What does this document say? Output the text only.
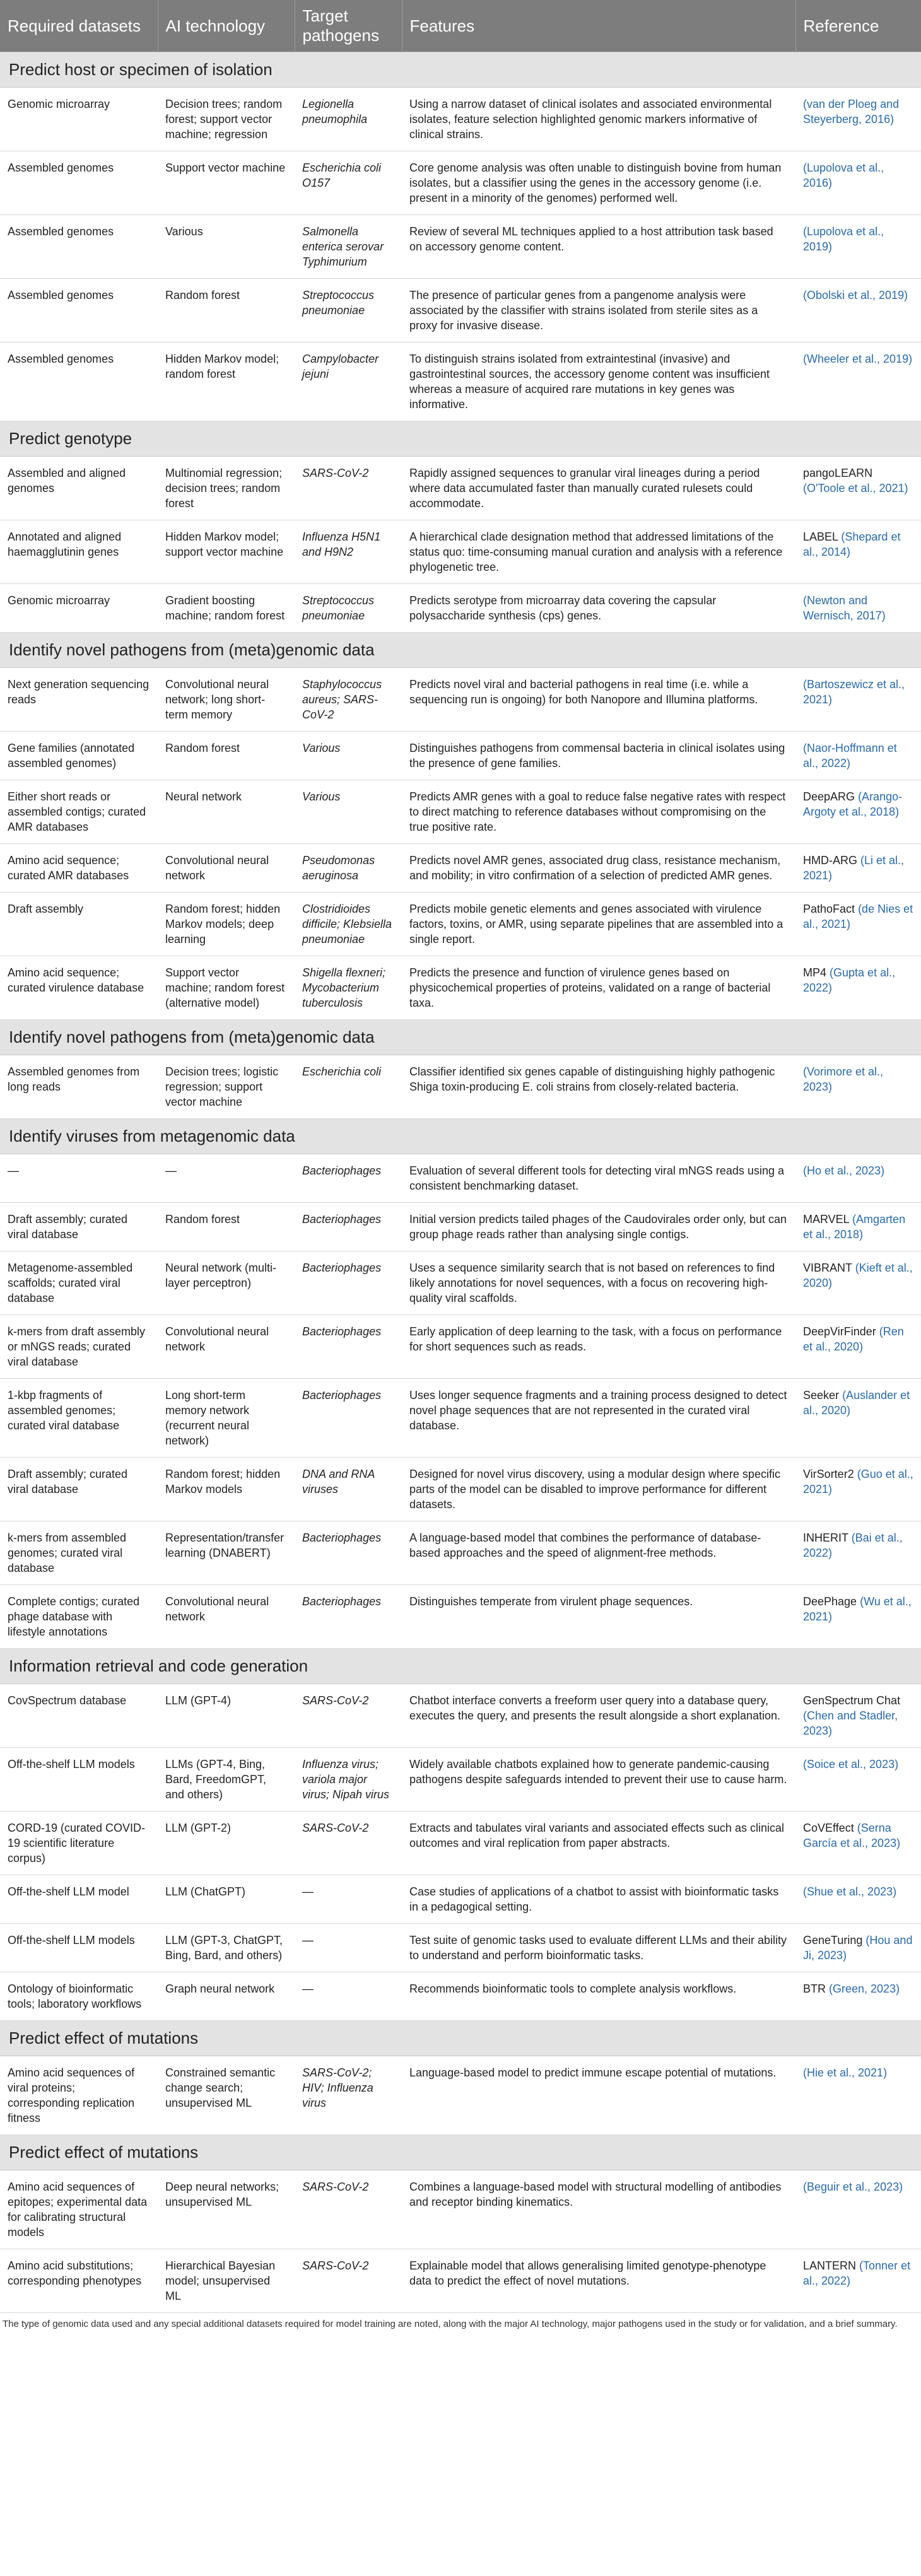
Required datasets	AI technology	Target pathogens	Features	Reference
Predict host or specimen of isolation				
Genomic microarray	Decision trees; random forest; support vector machine; regression	Legionella pneumophila	Using a narrow dataset of clinical isolates and associated environmental isolates, feature selection highlighted genomic markers informative of clinical strains.	(van der Ploeg and Steyerberg, 2016)
Assembled genomes	Support vector machine	Escherichia coli O157	Core genome analysis was often unable to distinguish bovine from human isolates, but a classifier using the genes in the accessory genome (i.e. present in a minority of the genomes) performed well.	(Lupolova et al., 2016)
Assembled genomes	Various	Salmonella enterica serovar Typhimurium	Review of several ML techniques applied to a host attribution task based on accessory genome content.	(Lupolova et al., 2019)
Assembled genomes	Random forest	Streptococcus pneumoniae	The presence of particular genes from a pangenome analysis were associated by the classifier with strains isolated from sterile sites as a proxy for invasive disease.	(Obolski et al., 2019)
Assembled genomes	Hidden Markov model; random forest	Campylobacter jejuni	To distinguish strains isolated from extraintestinal (invasive) and gastrointestinal sources, the accessory genome content was insufficient whereas a measure of acquired rare mutations in key genes was informative.	(Wheeler et al., 2019)
Predict genotype				
Assembled and aligned genomes	Multinomial regression; decision trees; random forest	SARS-CoV-2	Rapidly assigned sequences to granular viral lineages during a period where data accumulated faster than manually curated rulesets could accommodate.	pangoLEARN (O'Toole et al., 2021)
Annotated and aligned haemagglutinin genes	Hidden Markov model; support vector machine	Influenza H5N1 and H9N2	A hierarchical clade designation method that addressed limitations of the status quo: time-consuming manual curation and analysis with a reference phylogenetic tree.	LABEL (Shepard et al., 2014)
Genomic microarray	Gradient boosting machine; random forest	Streptococcus pneumoniae	Predicts serotype from microarray data covering the capsular polysaccharide synthesis (cps) genes.	(Newton and Wernisch, 2017)
Identify novel pathogens from (meta)genomic data				
Next generation sequencing reads	Convolutional neural network; long short-term memory	Staphylococcus aureus; SARS-CoV-2	Predicts novel viral and bacterial pathogens in real time (i.e. while a sequencing run is ongoing) for both Nanopore and Illumina platforms.	(Bartoszewicz et al., 2021)
Gene families (annotated assembled genomes)	Random forest	Various	Distinguishes pathogens from commensal bacteria in clinical isolates using the presence of gene families.	(Naor-Hoffmann et al., 2022)
Either short reads or assembled contigs; curated AMR databases	Neural network	Various	Predicts AMR genes with a goal to reduce false negative rates with respect to direct matching to reference databases without compromising on the true positive rate.	DeepARG (Arango-Argoty et al., 2018)
Amino acid sequence; curated AMR databases	Convolutional neural network	Pseudomonas aeruginosa	Predicts novel AMR genes, associated drug class, resistance mechanism, and mobility; in vitro confirmation of a selection of predicted AMR genes.	HMD-ARG (Li et al., 2021)
Draft assembly	Random forest; hidden Markov models; deep learning	Clostridioides difficile; Klebsiella pneumoniae	Predicts mobile genetic elements and genes associated with virulence factors, toxins, or AMR, using separate pipelines that are assembled into a single report.	PathoFact (de Nies et al., 2021)
Amino acid sequence; curated virulence database	Support vector machine; random forest (alternative model)	Shigella flexneri; Mycobacterium tuberculosis	Predicts the presence and function of virulence genes based on physicochemical properties of proteins, validated on a range of bacterial taxa.	MP4 (Gupta et al., 2022)
Identify novel pathogens from (meta)genomic data				
Assembled genomes from long reads	Decision trees; logistic regression; support vector machine	Escherichia coli	Classifier identified six genes capable of distinguishing highly pathogenic Shiga toxin-producing E. coli strains from closely-related bacteria.	(Vorimore et al., 2023)
Identify viruses from metagenomic data				
—	—	Bacteriophages	Evaluation of several different tools for detecting viral mNGS reads using a consistent benchmarking dataset.	(Ho et al., 2023)
Draft assembly; curated viral database	Random forest	Bacteriophages	Initial version predicts tailed phages of the Caudovirales order only, but can group phage reads rather than analysing single contigs.	MARVEL (Amgarten et al., 2018)
Metagenome-assembled scaffolds; curated viral database	Neural network (multi-layer perceptron)	Bacteriophages	Uses a sequence similarity search that is not based on references to find likely annotations for novel sequences, with a focus on recovering high-quality viral scaffolds.	VIBRANT (Kieft et al., 2020)
k-mers from draft assembly or mNGS reads; curated viral database	Convolutional neural network	Bacteriophages	Early application of deep learning to the task, with a focus on performance for short sequences such as reads.	DeepVirFinder (Ren et al., 2020)
1-kbp fragments of assembled genomes; curated viral database	Long short-term memory network (recurrent neural network)	Bacteriophages	Uses longer sequence fragments and a training process designed to detect novel phage sequences that are not represented in the curated viral database.	Seeker (Auslander et al., 2020)
Draft assembly; curated viral database	Random forest; hidden Markov models	DNA and RNA viruses	Designed for novel virus discovery, using a modular design where specific parts of the model can be disabled to improve performance for different datasets.	VirSorter2 (Guo et al., 2021)
k-mers from assembled genomes; curated viral database	Representation/transfer learning (DNABERT)	Bacteriophages	A language-based model that combines the performance of database-based approaches and the speed of alignment-free methods.	INHERIT (Bai et al., 2022)
Complete contigs; curated phage database with lifestyle annotations	Convolutional neural network	Bacteriophages	Distinguishes temperate from virulent phage sequences.	DeePhage (Wu et al., 2021)
Information retrieval and code generation				
CovSpectrum database	LLM (GPT-4)	SARS-CoV-2	Chatbot interface converts a freeform user query into a database query, executes the query, and presents the result alongside a short explanation.	GenSpectrum Chat (Chen and Stadler, 2023)
Off-the-shelf LLM models	LLMs (GPT-4, Bing, Bard, FreedomGPT, and others)	Influenza virus; variola major virus; Nipah virus	Widely available chatbots explained how to generate pandemic-causing pathogens despite safeguards intended to prevent their use to cause harm.	(Soice et al., 2023)
CORD-19 (curated COVID-19 scientific literature corpus)	LLM (GPT-2)	SARS-CoV-2	Extracts and tabulates viral variants and associated effects such as clinical outcomes and viral replication from paper abstracts.	CoVEffect (Serna García et al., 2023)
Off-the-shelf LLM model	LLM (ChatGPT)	—	Case studies of applications of a chatbot to assist with bioinformatic tasks in a pedagogical setting.	(Shue et al., 2023)
Off-the-shelf LLM models	LLM (GPT-3, ChatGPT, Bing, Bard, and others)	—	Test suite of genomic tasks used to evaluate different LLMs and their ability to understand and perform bioinformatic tasks.	GeneTuring (Hou and Ji, 2023)
Ontology of bioinformatic tools; laboratory workflows	Graph neural network	—	Recommends bioinformatic tools to complete analysis workflows.	BTR (Green, 2023)
Predict effect of mutations				
Amino acid sequences of viral proteins; corresponding replication fitness	Constrained semantic change search; unsupervised ML	SARS-CoV-2; HIV; Influenza virus	Language-based model to predict immune escape potential of mutations.	(Hie et al., 2021)
Predict effect of mutations				
Amino acid sequences of epitopes; experimental data for calibrating structural models	Deep neural networks; unsupervised ML	SARS-CoV-2	Combines a language-based model with structural modelling of antibodies and receptor binding kinematics.	(Beguir et al., 2023)
Amino acid substitutions; corresponding phenotypes	Hierarchical Bayesian model; unsupervised ML	SARS-CoV-2	Explainable model that allows generalising limited genotype-phenotype data to predict the effect of novel mutations.	LANTERN (Tonner et al., 2022)
The type of genomic data used and any special additional datasets required for model training are noted, along with the major AI technology, major pathogens used in the study or for validation, and a brief summary.
